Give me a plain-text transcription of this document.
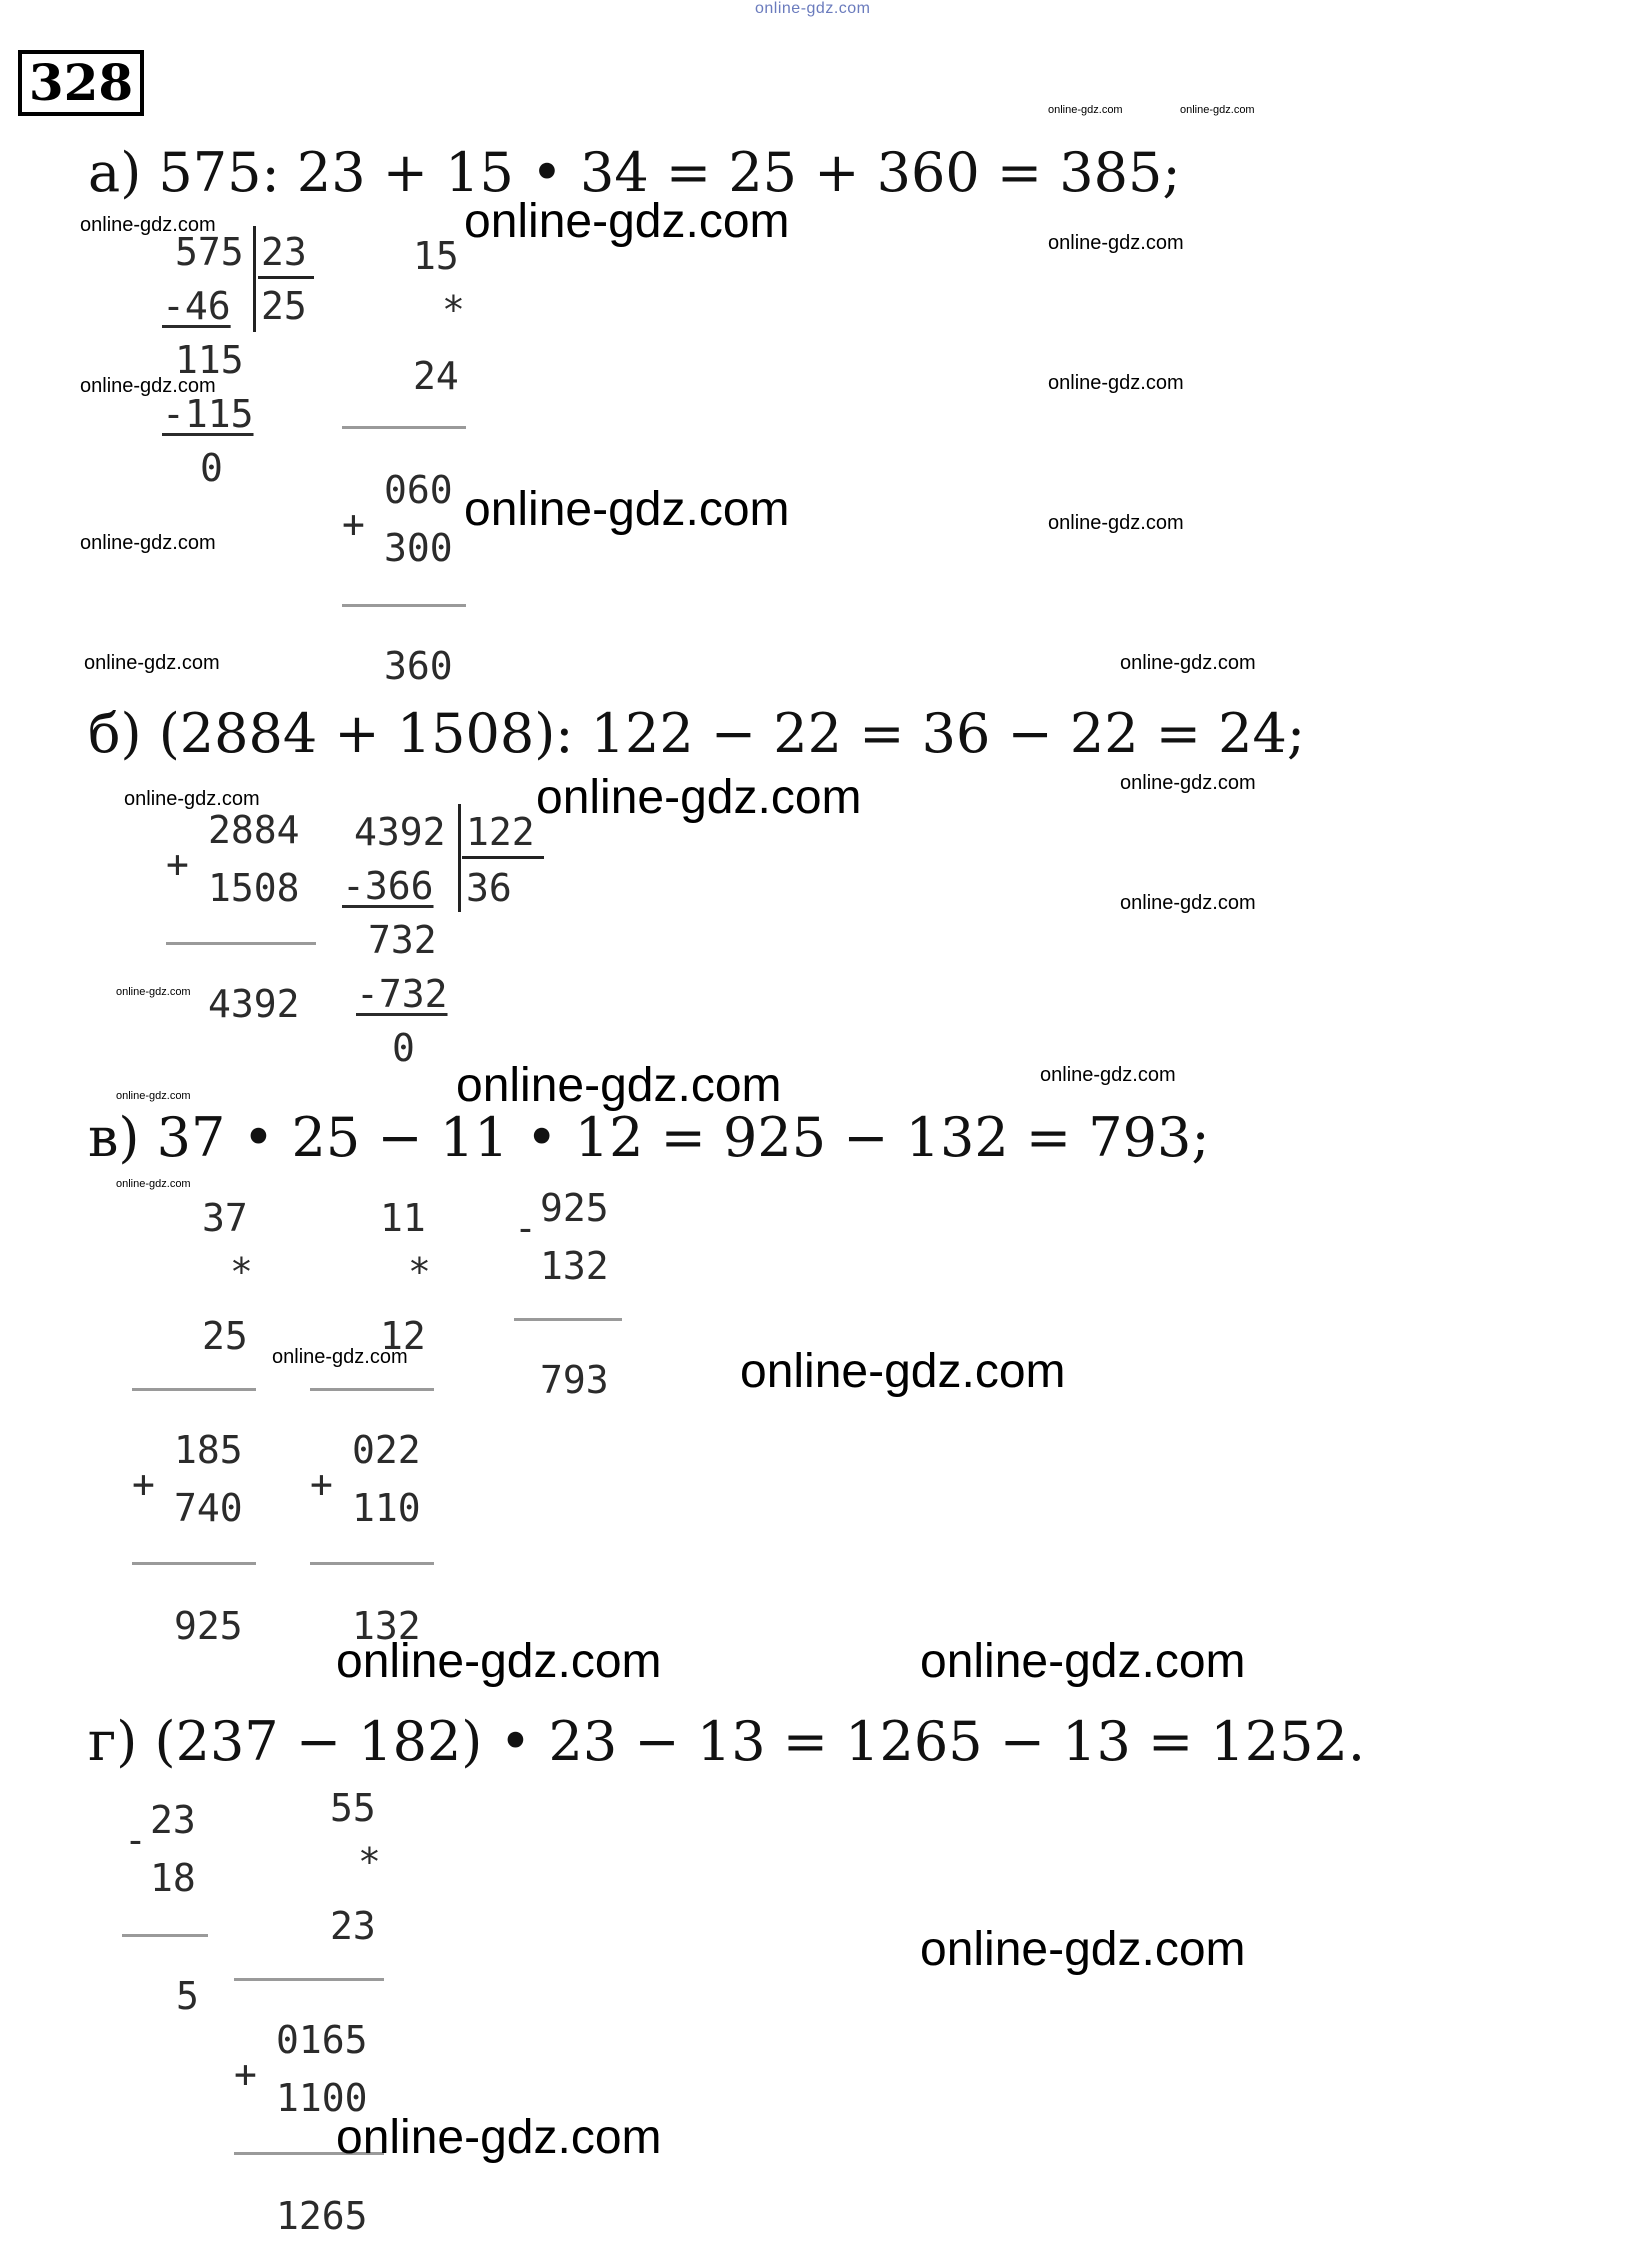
online-gdz.com
328	online-gdz.com	online-gdz.com
а) 575: 23 + 15 • 34 = 25 + 360 = 385;
575 23
25
-46
115
-115
0
15
*
24
060
+
300
360
online-gdz.com	online-gdz.com	online-gdz.com
online-gdz.com	online-gdz.com
online-gdz.com
online-gdz.com
online-gdz.com
online-gdz.com	online-gdz.com
б) (2884 + 1508): 122 − 22 = 36 − 22 = 24;
2884
+
1508
4392
4392 122
36
-366
732
-732
0
online-gdz.com
online-gdz.com	online-gdz.com
online-gdz.com
online-gdz.com
online-gdz.com	online-gdz.com
online-gdz.com
в) 37 • 25 − 11 • 12 = 925 − 132 = 793;
online-gdz.com
37
*
25
185
+
740
925
11
*
12
022
+
110
132
- 925
132
793
online-gdz.com	online-gdz.com
online-gdz.com	online-gdz.com
г) (237 − 182) • 23 − 13 = 1265 − 13 = 1252.
- 23
18
5
55
*
23
0165
+
1100
1265
online-gdz.com
online-gdz.com
